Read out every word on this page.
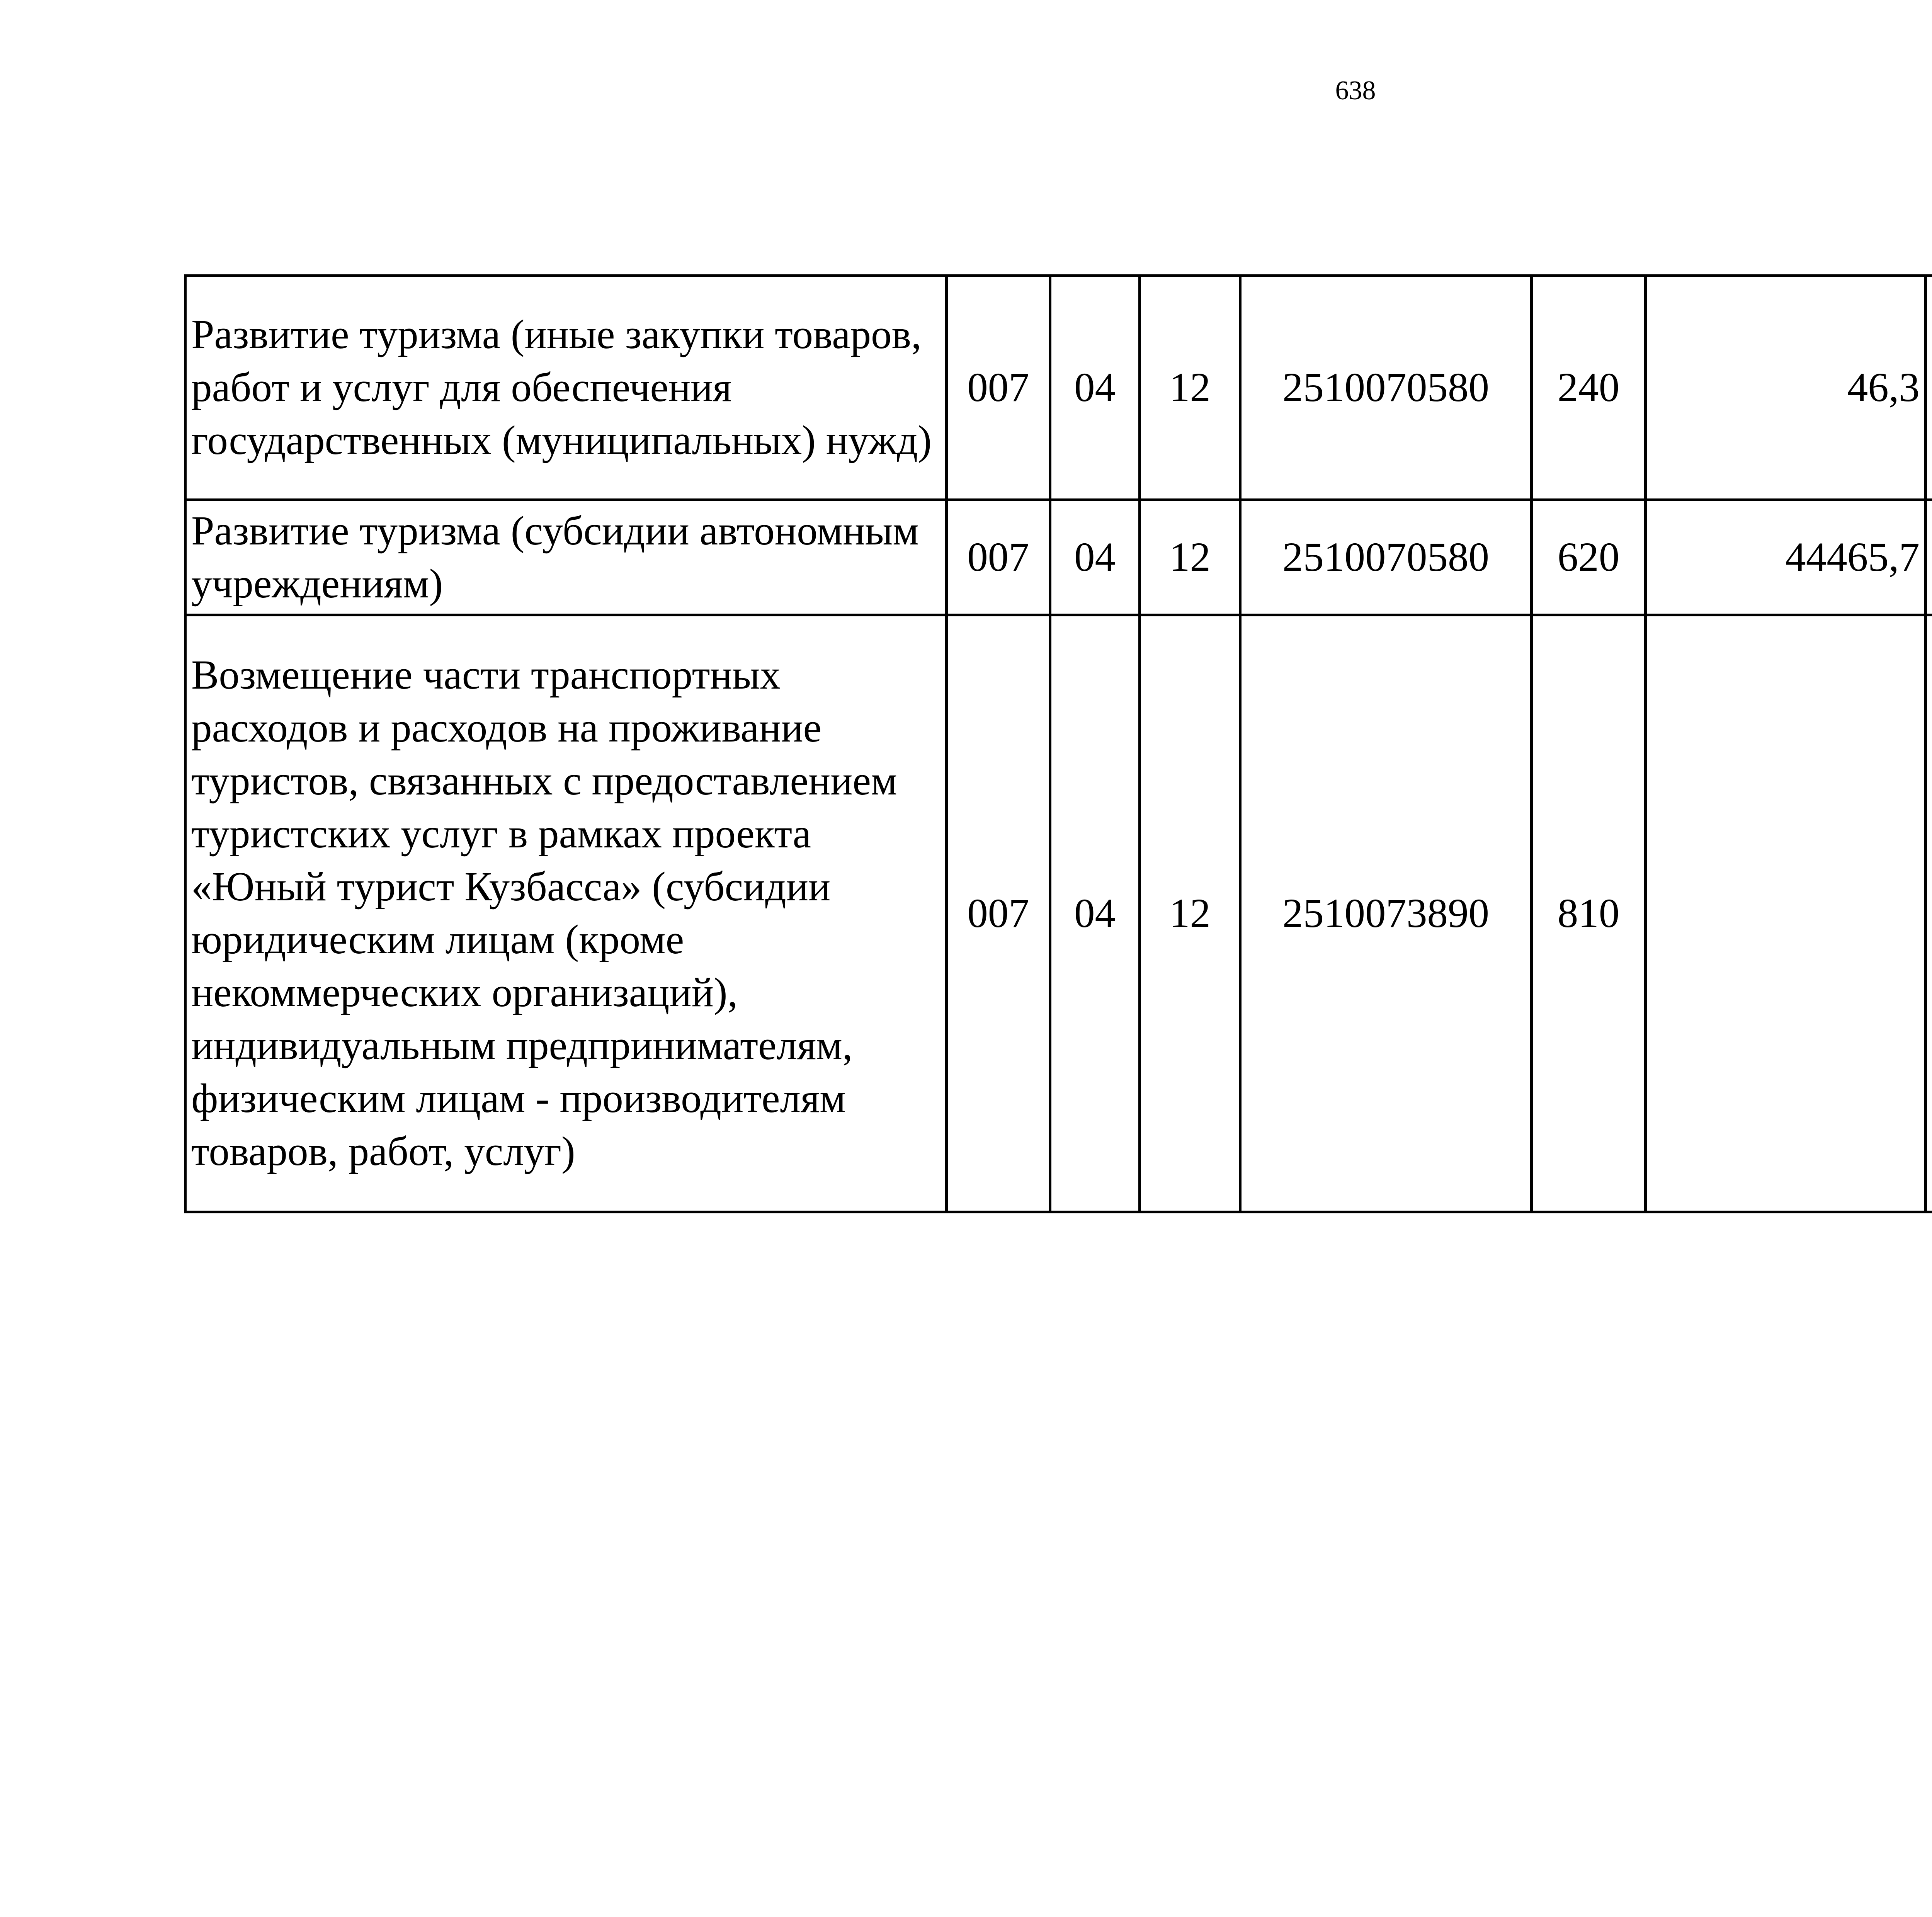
638
Развитие туризма (иные закупки товаров, работ и услуг для обеспечения государственных (муниципальных) нужд)	007	04	12	2510070580	240	46,3		
Развитие туризма (субсидии автономным учреждениям)	007	04	12	2510070580	620	44465,7		
Возмещение части транспортных расходов и расходов на проживание туристов, связанных с предоставлением туристских услуг в рамках проекта «Юный турист Кузбасса» (субсидии юридическим лицам (кроме некоммерческих организаций), индивидуальным предпринимателям, физическим лицам - производителям товаров, работ, услуг)	007	04	12	2510073890	810			
